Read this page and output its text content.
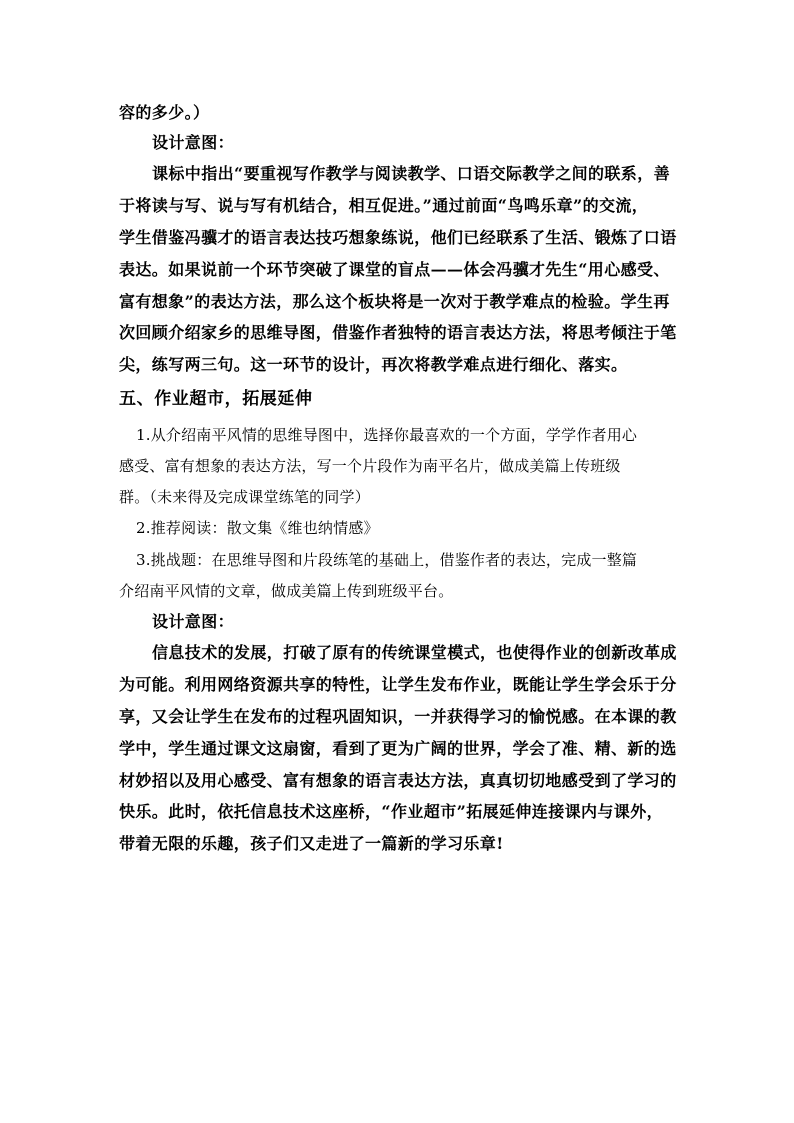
容的多少。）
设计意图：
课标中指出“要重视写作教学与阅读教学、口语交际教学之间的联系，善
于将读与写、说与写有机结合，相互促进。”通过前面“鸟鸣乐章”的交流，
学生借鉴冯骥才的语言表达技巧想象练说，他们已经联系了生活、锻炼了口语
表达。如果说前一个环节突破了课堂的盲点——体会冯骥才先生“用心感受、
富有想象”的表达方法，那么这个板块将是一次对于教学难点的检验。学生再
次回顾介绍家乡的思维导图，借鉴作者独特的语言表达方法，将思考倾注于笔
尖，练写两三句。这一环节的设计，再次将教学难点进行细化、落实。
五、作业超市，拓展延伸
1.从介绍南平风情的思维导图中，选择你最喜欢的一个方面，学学作者用心
感受、富有想象的表达方法，写一个片段作为南平名片，做成美篇上传班级
群。（未来得及完成课堂练笔的同学）
2.推荐阅读：散文集《维也纳情感》
3.挑战题：在思维导图和片段练笔的基础上，借鉴作者的表达，完成一整篇
介绍南平风情的文章，做成美篇上传到班级平台。
设计意图：
信息技术的发展，打破了原有的传统课堂模式，也使得作业的创新改革成
为可能。利用网络资源共享的特性，让学生发布作业，既能让学生学会乐于分
享，又会让学生在发布的过程巩固知识，一并获得学习的愉悦感。在本课的教
学中，学生通过课文这扇窗，看到了更为广阔的世界，学会了准、精、新的选
材妙招以及用心感受、富有想象的语言表达方法，真真切切地感受到了学习的
快乐。此时，依托信息技术这座桥，“作业超市”拓展延伸连接课内与课外，
带着无限的乐趣，孩子们又走进了一篇新的学习乐章!
